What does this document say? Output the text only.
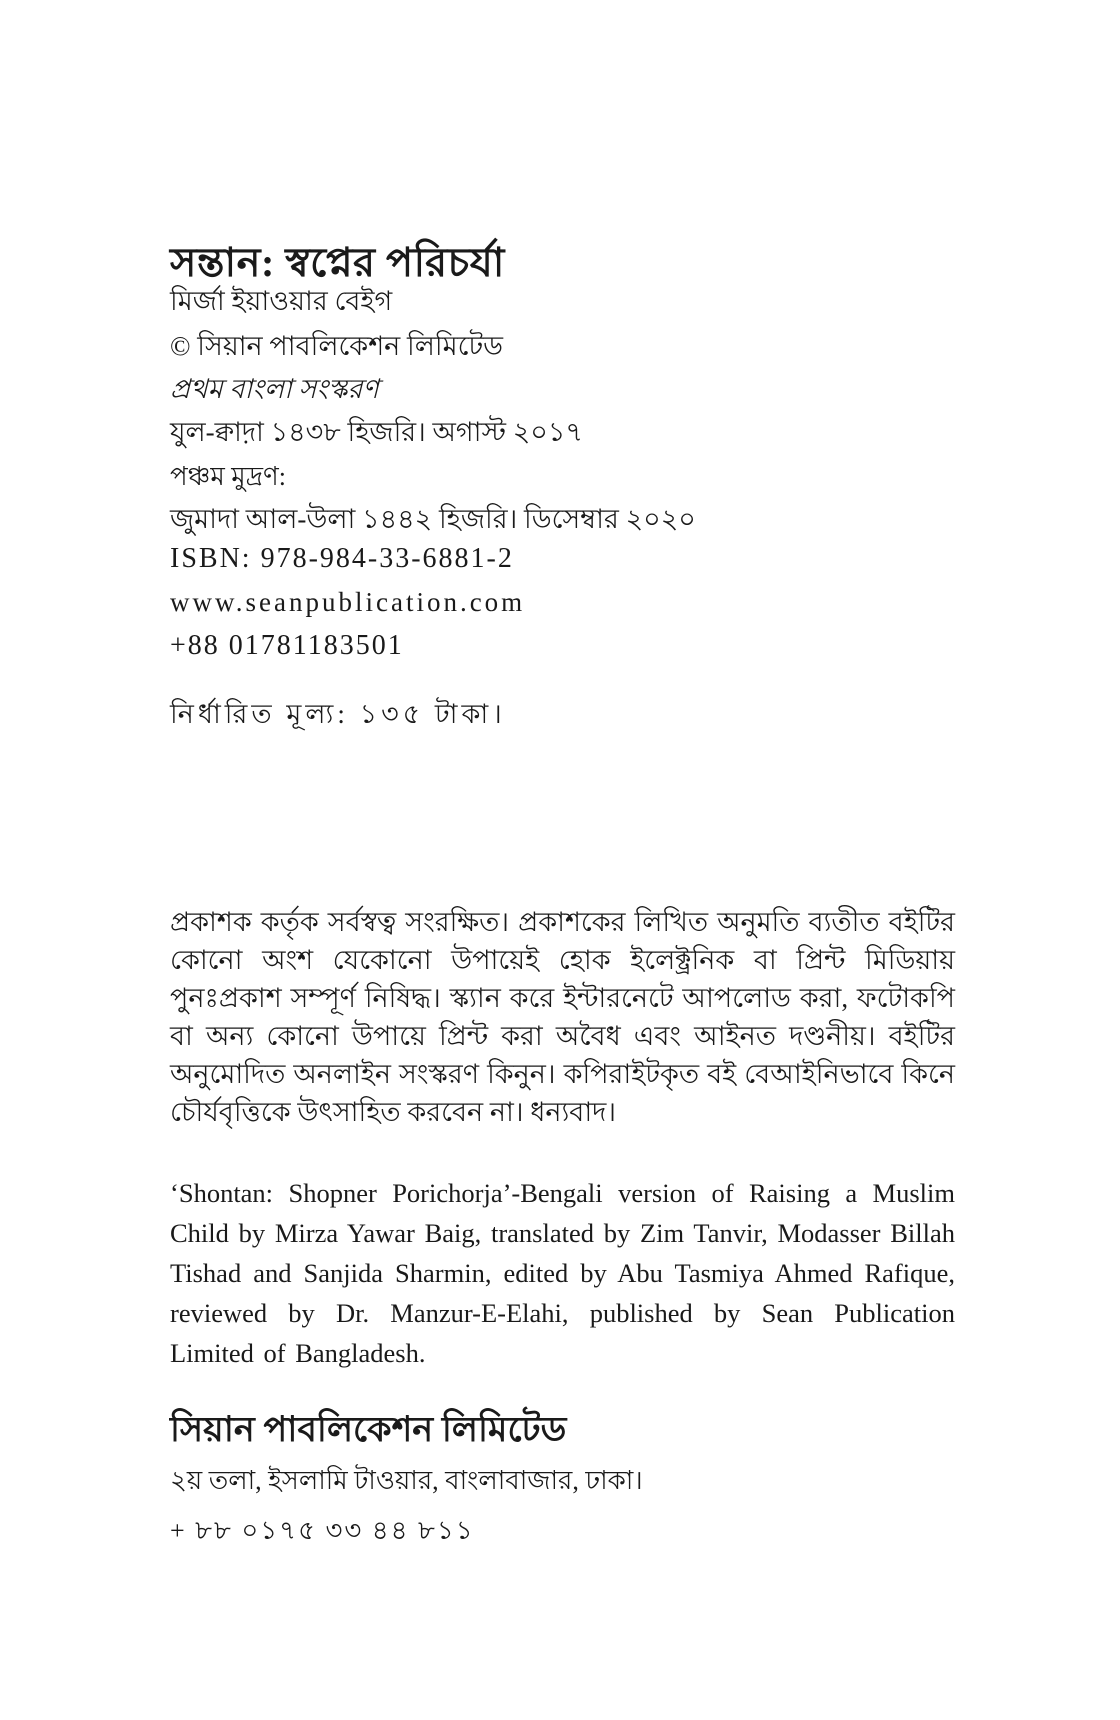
সন্তান: স্বপ্নের পরিচর্যা
মির্জা ইয়াওয়ার বেইগ
© সিয়ান পাবলিকেশন লিমিটেড
প্রথম বাংলা সংস্করণ
যুল-ক্বাদ়া ১৪৩৮ হিজরি। অগাস্ট ২০১৭
পঞ্চম মুদ্রণ:
জুমাদা আল-উলা ১৪৪২ হিজরি। ডিসেম্বার ২০২০
ISBN: 978-984-33-6881-2
www.seanpublication.com
+88 01781183501
নির্ধারিত মূল্য: ১৩৫ টাকা।

প্রকাশক কর্তৃক সর্বস্বত্ব সংরক্ষিত। প্রকাশকের লিখিত অনুমতি ব্যতীত বইটির কোনো অংশ যেকোনো উপায়েই হোক ইলেক্ট্রনিক বা প্রিন্ট মিডিয়ায় পুনঃপ্রকাশ সম্পূর্ণ নিষিদ্ধ। স্ক্যান করে ইন্টারনেটে আপলোড করা, ফটোকপি বা অন্য কোনো উপায়ে প্রিন্ট করা অবৈধ এবং আইনত দণ্ডনীয়। বইটির অনুমোদিত অনলাইন সংস্করণ কিনুন। কপিরাইটকৃত বই বেআইনিভাবে কিনে চৌর্যবৃত্তিকে উৎসাহিত করবেন না। ধন্যবাদ।

‘Shontan: Shopner Porichorja’-Bengali version of Raising a Muslim Child by Mirza Yawar Baig, translated by Zim Tanvir, Modasser Billah Tishad and Sanjida Sharmin, edited by Abu Tasmiya Ahmed Rafique, reviewed by Dr. Manzur-E-Elahi, published by Sean Publication Limited of Bangladesh.

সিয়ান পাবলিকেশন লিমিটেড
২য় তলা, ইসলামি টাওয়ার, বাংলাবাজার, ঢাকা।
+ ৮৮ ০১৭৫ ৩৩ ৪৪ ৮১১
